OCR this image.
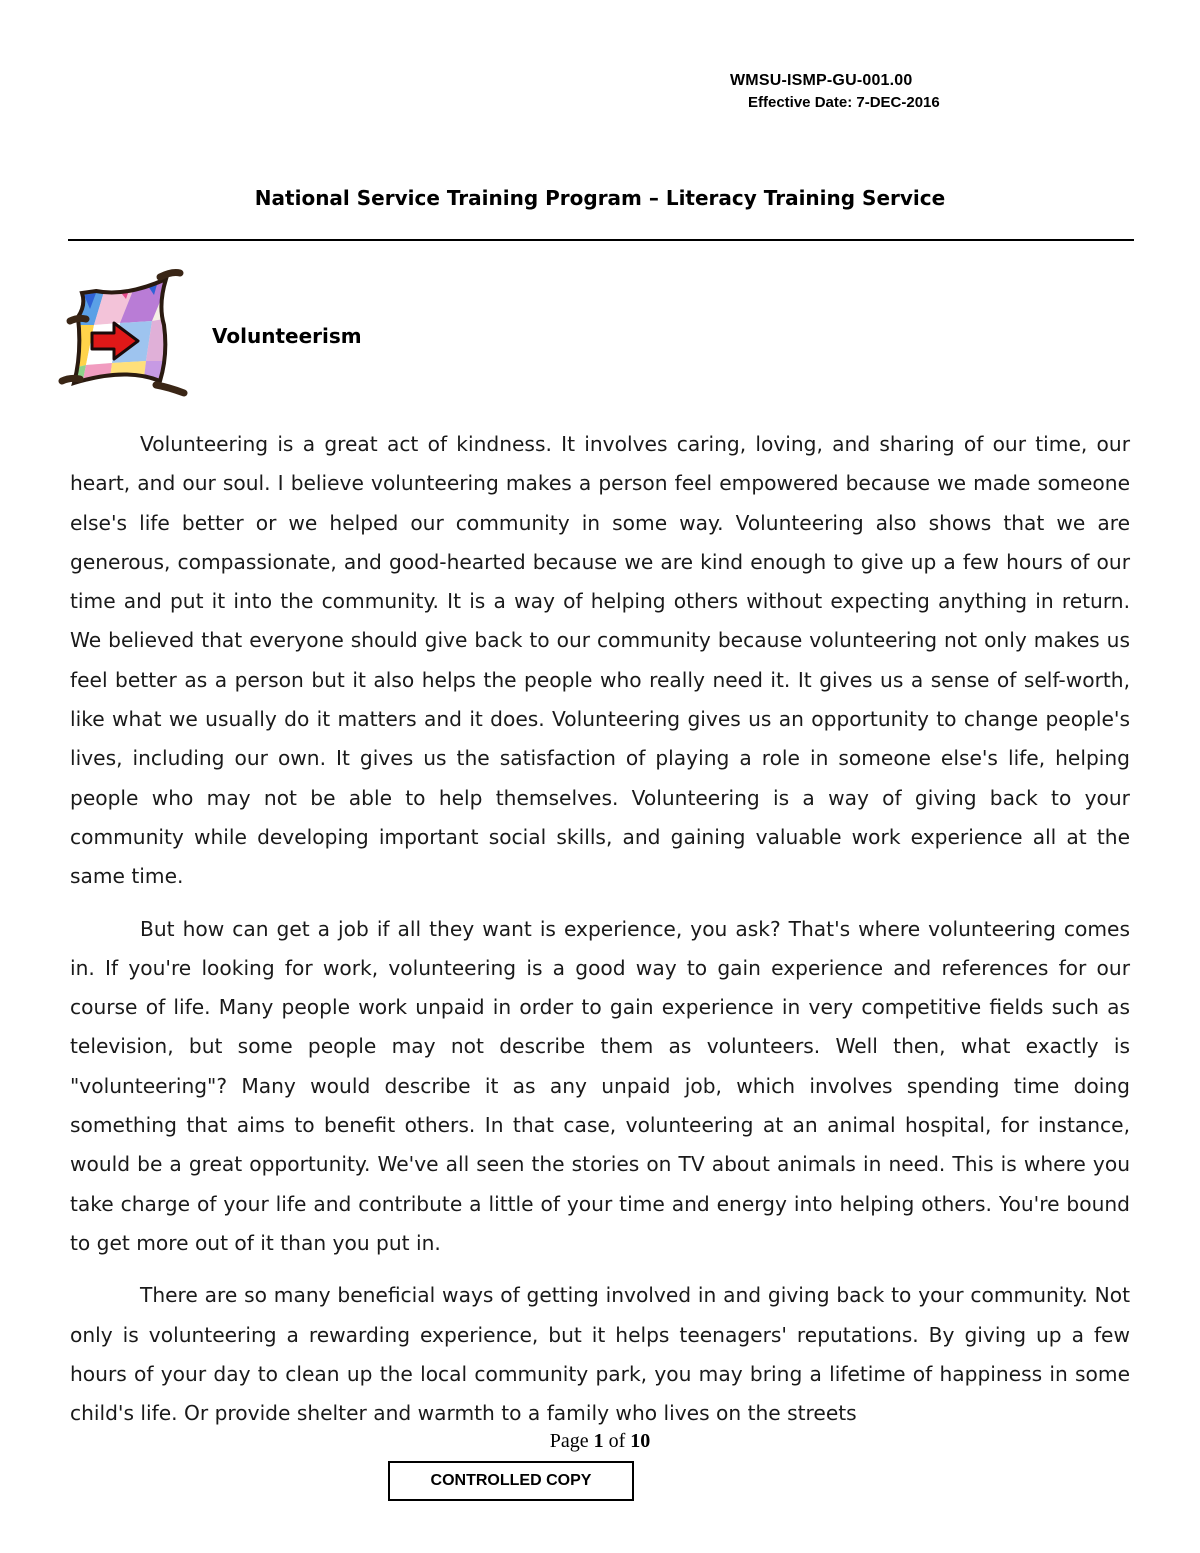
WMSU-ISMP-GU-001.00
Effective Date: 7-DEC-2016
National Service Training Program – Literacy Training Service
Volunteerism

Volunteering is a great act of kindness. It involves caring, loving, and sharing of our time, our heart, and our soul. I believe volunteering makes a person feel empowered because we made someone else's life better or we helped our community in some way. Volunteering also shows that we are generous, compassionate, and good-hearted because we are kind enough to give up a few hours of our time and put it into the community. It is a way of helping others without expecting anything in return. We believed that everyone should give back to our community because volunteering not only makes us feel better as a person but it also helps the people who really need it. It gives us a sense of self-worth, like what we usually do it matters and it does. Volunteering gives us an opportunity to change people's lives, including our own. It gives us the satisfaction of playing a role in someone else's life, helping people who may not be able to help themselves. Volunteering is a way of giving back to your community while developing important social skills, and gaining valuable work experience all at the same time.

But how can get a job if all they want is experience, you ask? That's where volunteering comes in. If you're looking for work, volunteering is a good way to gain experience and references for our course of life. Many people work unpaid in order to gain experience in very competitive fields such as television, but some people may not describe them as volunteers. Well then, what exactly is "volunteering"? Many would describe it as any unpaid job, which involves spending time doing something that aims to benefit others. In that case, volunteering at an animal hospital, for instance, would be a great opportunity. We've all seen the stories on TV about animals in need. This is where you take charge of your life and contribute a little of your time and energy into helping others. You're bound to get more out of it than you put in.

There are so many beneficial ways of getting involved in and giving back to your community. Not only is volunteering a rewarding experience, but it helps teenagers' reputations. By giving up a few hours of your day to clean up the local community park, you may bring a lifetime of happiness in some child's life. Or provide shelter and warmth to a family who lives on the streets

Page 1 of 10
CONTROLLED COPY
